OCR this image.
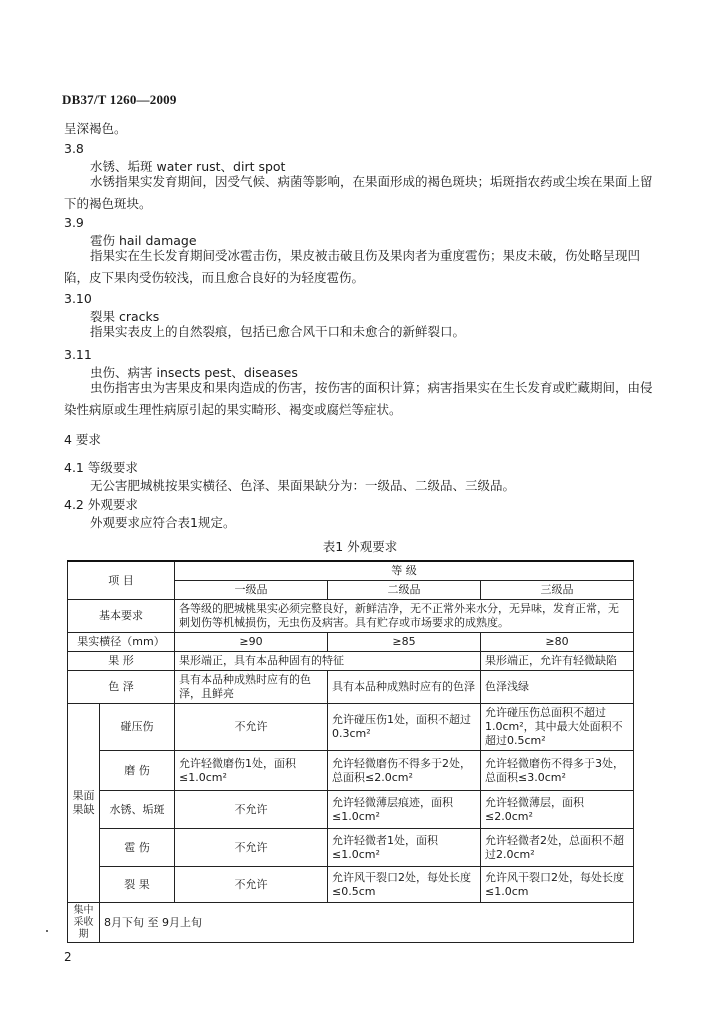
DB37/T 1260—2009
呈深褐色。
3.8
水锈、垢斑 water rust、dirt spot
水锈指果实发育期间，因受气候、病菌等影响，在果面形成的褐色斑块；垢斑指农药或尘埃在果面上留下的褐色斑块。
3.9
雹伤 hail damage
指果实在生长发育期间受冰雹击伤，果皮被击破且伤及果肉者为重度雹伤；果皮未破，伤处略呈现凹陷，皮下果肉受伤较浅，而且愈合良好的为轻度雹伤。
3.10
裂果 cracks
指果实表皮上的自然裂痕，包括已愈合风干口和未愈合的新鲜裂口。
3.11
虫伤、病害 insects pest、diseases
虫伤指害虫为害果皮和果肉造成的伤害，按伤害的面积计算；病害指果实在生长发育或贮藏期间，由侵染性病原或生理性病原引起的果实畸形、褐变或腐烂等症状。
4 要求
4.1 等级要求
无公害肥城桃按果实横径、色泽、果面果缺分为：一级品、二级品、三级品。
4.2 外观要求
外观要求应符合表1规定。
表1 外观要求
项 目		等 级		
		一级品	二级品	三级品
基本要求		各等级的肥城桃果实必须完整良好，新鲜洁净，无不正常外来水分，无异味，发育正常，无刺划伤等机械损伤，无虫伤及病害。具有贮存或市场要求的成熟度。		
果实横径（mm）		≥90	≥85	≥80
果 形		果形端正，具有本品种固有的特征		果形端正，允许有轻微缺陷
色 泽		具有本品种成熟时应有的色泽，且鲜亮	具有本品种成熟时应有的色泽	色泽浅绿
果面果缺	碰压伤	不允许	允许碰压伤1处，面积不超过0.3cm²	允许碰压伤总面积不超过1.0cm²，其中最大处面积不超过0.5cm²
	磨 伤	允许轻微磨伤1处，面积≤1.0cm²	允许轻微磨伤不得多于2处，总面积≤2.0cm²	允许轻微磨伤不得多于3处，总面积≤3.0cm²
	水锈、垢斑	不允许	允许轻微薄层痕迹，面积≤1.0cm²	允许轻微薄层，面积≤2.0cm²
	雹 伤	不允许	允许轻微者1处，面积≤1.0cm²	允许轻微者2处，总面积不超过2.0cm²
	裂 果	不允许	允许风干裂口2处，每处长度≤0.5cm	允许风干裂口2处，每处长度≤1.0cm
集中采收期	8月下旬 至 9月上旬			
2
